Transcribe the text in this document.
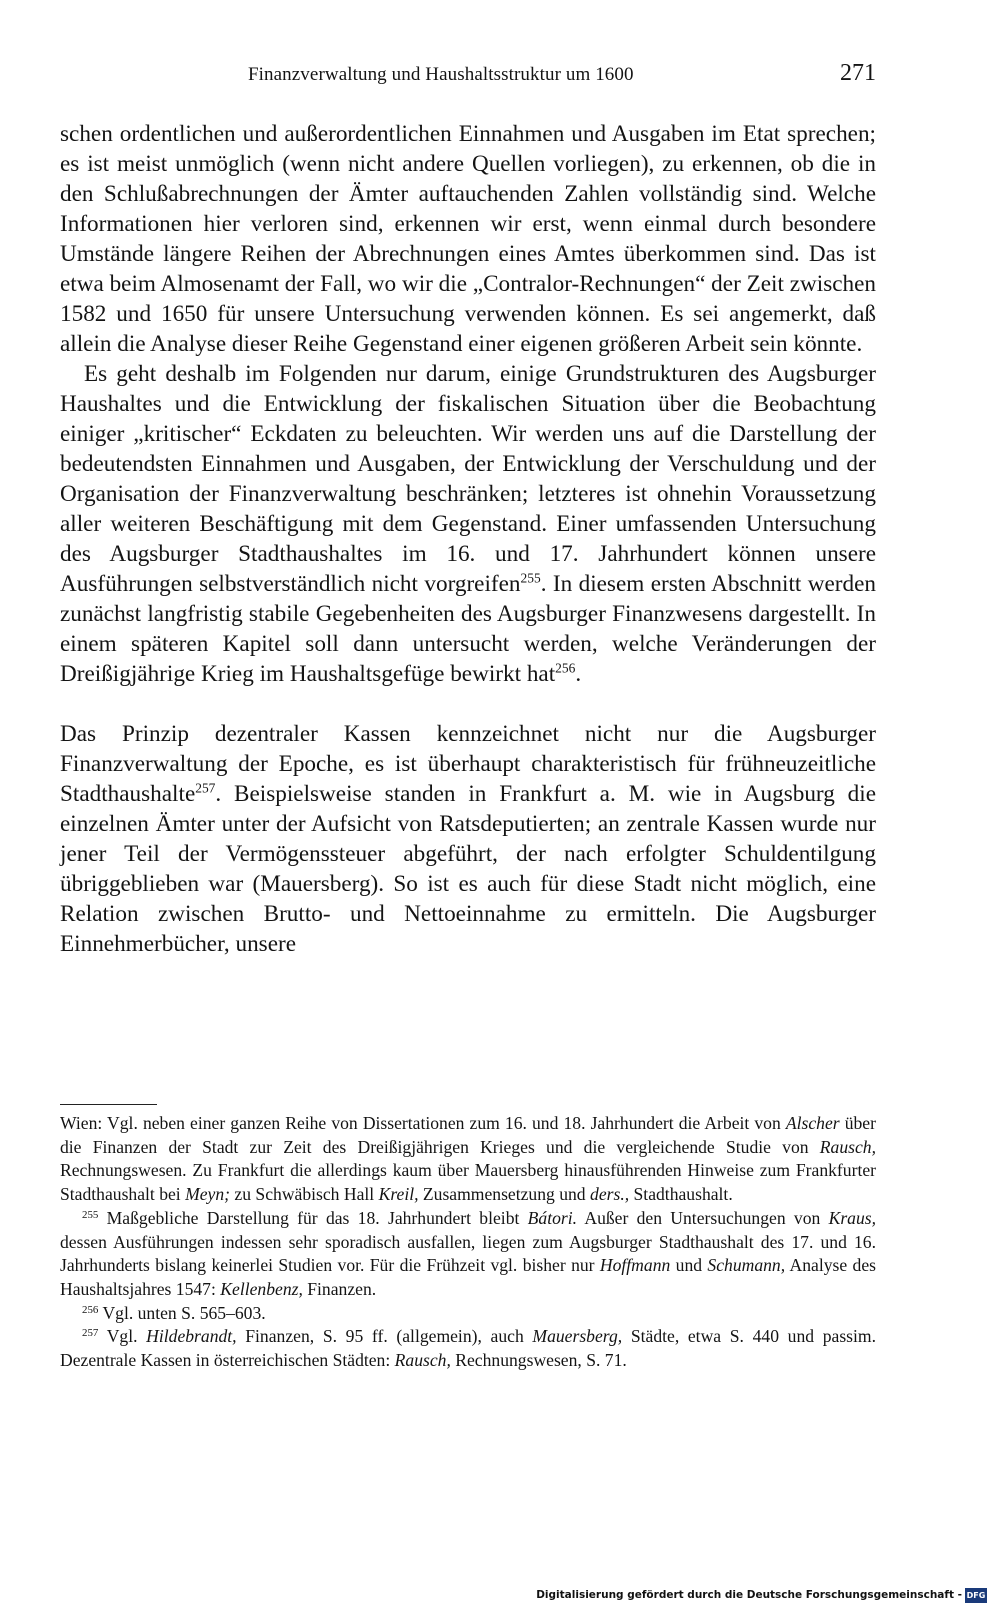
Finanzverwaltung und Haushaltsstruktur um 1600	271

schen ordentlichen und außerordentlichen Einnahmen und Ausgaben im Etat sprechen; es ist meist unmöglich (wenn nicht andere Quellen vorliegen), zu erkennen, ob die in den Schlußabrechnungen der Ämter auftauchenden Zahlen vollständig sind. Welche Informationen hier verloren sind, erkennen wir erst, wenn einmal durch besondere Umstände längere Reihen der Abrechnungen eines Amtes überkommen sind. Das ist etwa beim Almosenamt der Fall, wo wir die „Contralor-Rechnungen“ der Zeit zwischen 1582 und 1650 für unsere Untersuchung verwenden können. Es sei angemerkt, daß allein die Analyse dieser Reihe Gegenstand einer eigenen größeren Arbeit sein könnte.

Es geht deshalb im Folgenden nur darum, einige Grundstrukturen des Augsburger Haushaltes und die Entwicklung der fiskalischen Situation über die Beobachtung einiger „kritischer“ Eckdaten zu beleuchten. Wir werden uns auf die Darstellung der bedeutendsten Einnahmen und Ausgaben, der Entwicklung der Verschuldung und der Organisation der Finanzverwaltung beschränken; letzteres ist ohnehin Voraussetzung aller weiteren Beschäftigung mit dem Gegenstand. Einer umfassenden Untersuchung des Augsburger Stadthaushaltes im 16. und 17. Jahrhundert können unsere Ausführungen selbstverständlich nicht vorgreifen$^{255}$. In diesem ersten Abschnitt werden zunächst langfristig stabile Gegebenheiten des Augsburger Finanzwesens dargestellt. In einem späteren Kapitel soll dann untersucht werden, welche Veränderungen der Dreißigjährige Krieg im Haushaltsgefüge bewirkt hat$^{256}$.

Das Prinzip dezentraler Kassen kennzeichnet nicht nur die Augsburger Finanzverwaltung der Epoche, es ist überhaupt charakteristisch für frühneuzeitliche Stadthaushalte$^{257}$. Beispielsweise standen in Frankfurt a. M. wie in Augsburg die einzelnen Ämter unter der Aufsicht von Ratsdeputierten; an zentrale Kassen wurde nur jener Teil der Vermögenssteuer abgeführt, der nach erfolgter Schuldentilgung übriggeblieben war (Mauersberg). So ist es auch für diese Stadt nicht möglich, eine Relation zwischen Brutto- und Nettoeinnahme zu ermitteln. Die Augsburger Einnehmerbücher, unsere

Wien: Vgl. neben einer ganzen Reihe von Dissertationen zum 16. und 18. Jahrhundert die Arbeit von Alscher über die Finanzen der Stadt zur Zeit des Dreißigjährigen Krieges und die vergleichende Studie von Rausch, Rechnungswesen. Zu Frankfurt die allerdings kaum über Mauersberg hinausführenden Hinweise zum Frankfurter Stadthaushalt bei Meyn; zu Schwäbisch Hall Kreil, Zusammensetzung und ders., Stadthaushalt.

$^{255}$ Maßgebliche Darstellung für das 18. Jahrhundert bleibt Bátori. Außer den Untersuchungen von Kraus, dessen Ausführungen indessen sehr sporadisch ausfallen, liegen zum Augsburger Stadthaushalt des 17. und 16. Jahrhunderts bislang keinerlei Studien vor. Für die Frühzeit vgl. bisher nur Hoffmann und Schumann, Analyse des Haushaltsjahres 1547: Kellenbenz, Finanzen.

$^{256}$ Vgl. unten S. 565–603.

$^{257}$ Vgl. Hildebrandt, Finanzen, S. 95 ff. (allgemein), auch Mauersberg, Städte, etwa S. 440 und passim. Dezentrale Kassen in österreichischen Städten: Rausch, Rechnungswesen, S. 71.

Digitalisierung gefördert durch die Deutsche Forschungsgemeinschaft - DFG
